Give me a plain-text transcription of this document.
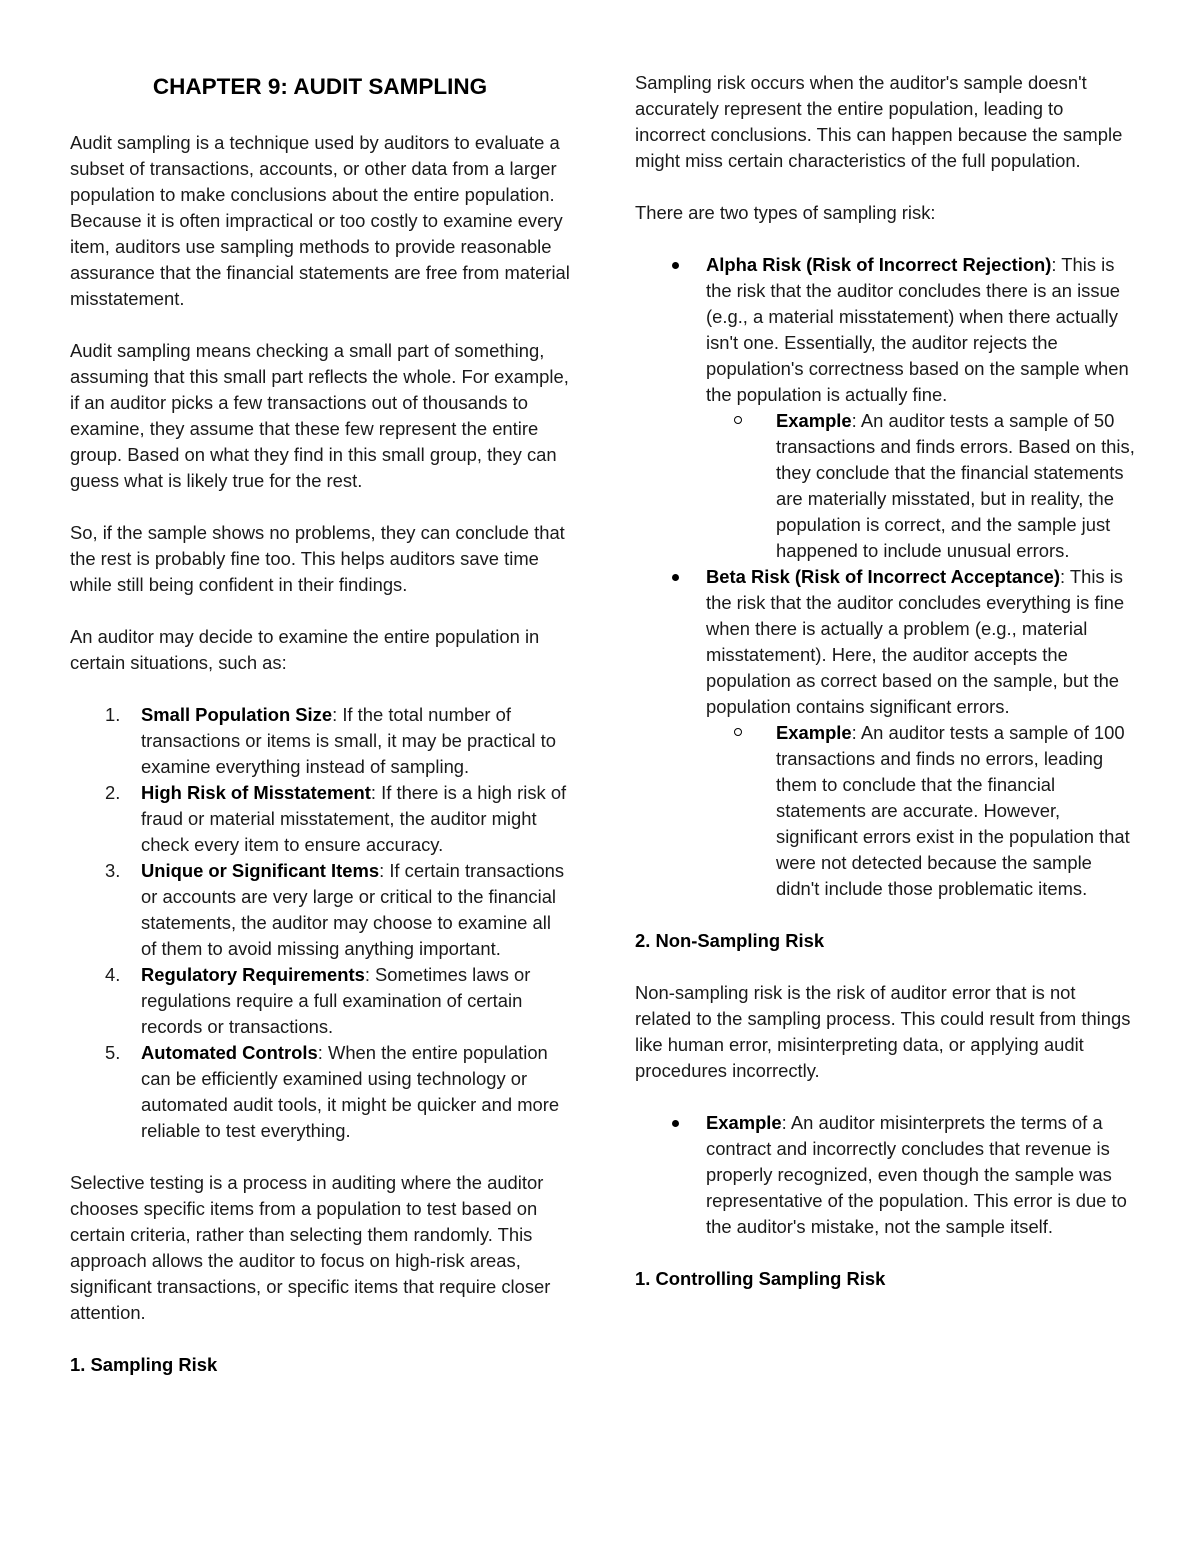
CHAPTER 9: AUDIT SAMPLING

Audit sampling is a technique used by auditors to evaluate a subset of transactions, accounts, or other data from a larger population to make conclusions about the entire population. Because it is often impractical or too costly to examine every item, auditors use sampling methods to provide reasonable assurance that the financial statements are free from material misstatement.

Audit sampling means checking a small part of something, assuming that this small part reflects the whole. For example, if an auditor picks a few transactions out of thousands to examine, they assume that these few represent the entire group. Based on what they find in this small group, they can guess what is likely true for the rest.

So, if the sample shows no problems, they can conclude that the rest is probably fine too. This helps auditors save time while still being confident in their findings.

An auditor may decide to examine the entire population in certain situations, such as:

1. Small Population Size: If the total number of transactions or items is small, it may be practical to examine everything instead of sampling.
2. High Risk of Misstatement: If there is a high risk of fraud or material misstatement, the auditor might check every item to ensure accuracy.
3. Unique or Significant Items: If certain transactions or accounts are very large or critical to the financial statements, the auditor may choose to examine all of them to avoid missing anything important.
4. Regulatory Requirements: Sometimes laws or regulations require a full examination of certain records or transactions.
5. Automated Controls: When the entire population can be efficiently examined using technology or automated audit tools, it might be quicker and more reliable to test everything.

Selective testing is a process in auditing where the auditor chooses specific items from a population to test based on certain criteria, rather than selecting them randomly. This approach allows the auditor to focus on high-risk areas, significant transactions, or specific items that require closer attention.

1. Sampling Risk

Sampling risk occurs when the auditor's sample doesn't accurately represent the entire population, leading to incorrect conclusions. This can happen because the sample might miss certain characteristics of the full population.

There are two types of sampling risk:

Alpha Risk (Risk of Incorrect Rejection): This is the risk that the auditor concludes there is an issue (e.g., a material misstatement) when there actually isn't one. Essentially, the auditor rejects the population's correctness based on the sample when the population is actually fine.
Example: An auditor tests a sample of 50 transactions and finds errors. Based on this, they conclude that the financial statements are materially misstated, but in reality, the population is correct, and the sample just happened to include unusual errors.
Beta Risk (Risk of Incorrect Acceptance): This is the risk that the auditor concludes everything is fine when there is actually a problem (e.g., material misstatement). Here, the auditor accepts the population as correct based on the sample, but the population contains significant errors.
Example: An auditor tests a sample of 100 transactions and finds no errors, leading them to conclude that the financial statements are accurate. However, significant errors exist in the population that were not detected because the sample didn't include those problematic items.
2. Non-Sampling Risk

Non-sampling risk is the risk of auditor error that is not related to the sampling process. This could result from things like human error, misinterpreting data, or applying audit procedures incorrectly.

Example: An auditor misinterprets the terms of a contract and incorrectly concludes that revenue is properly recognized, even though the sample was representative of the population. This error is due to the auditor's mistake, not the sample itself.
1. Controlling Sampling Risk
